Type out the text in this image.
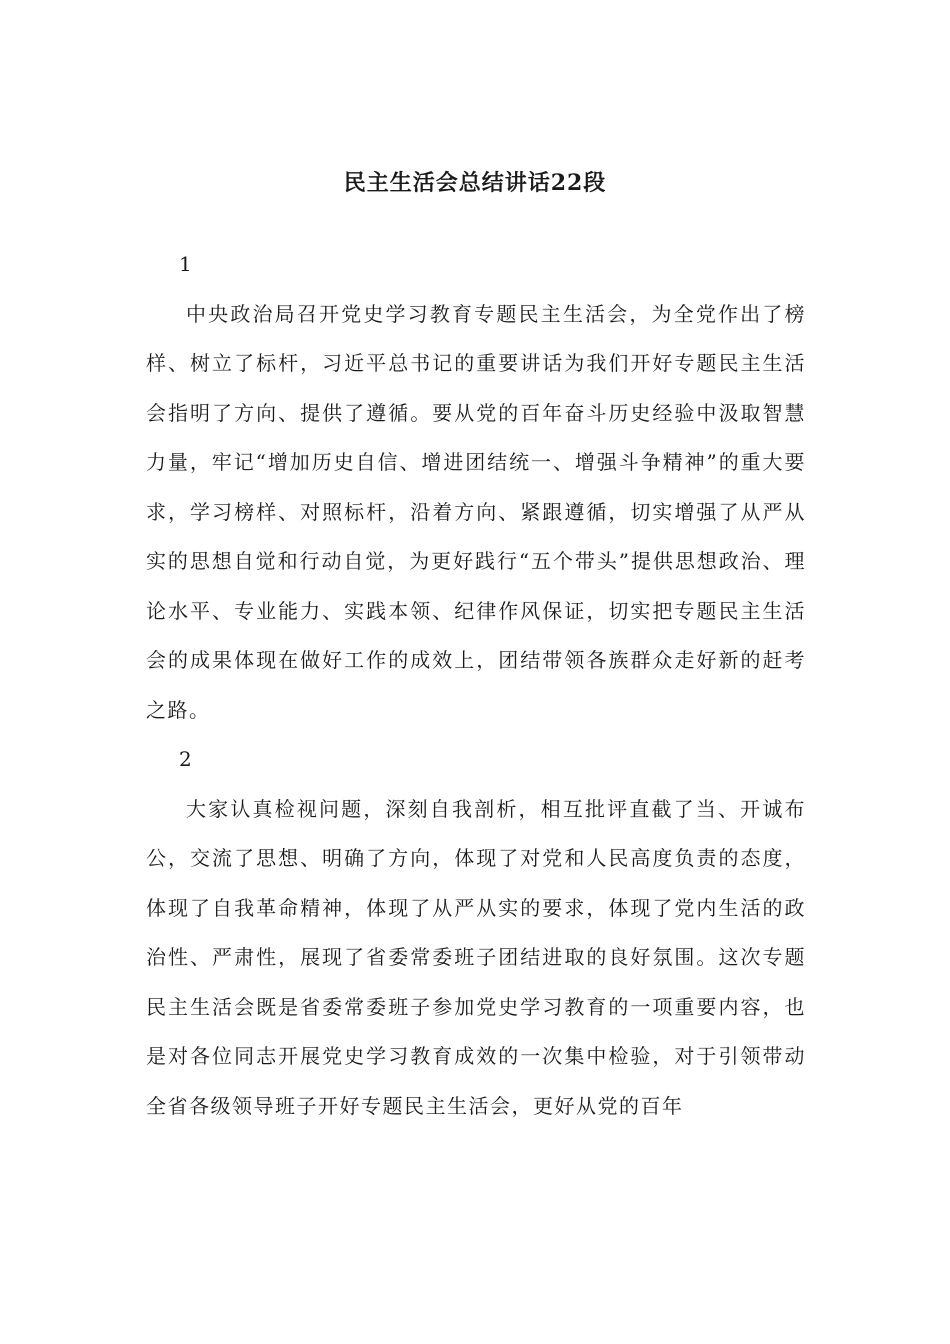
民主生活会总结讲话22段

1

中央政治局召开党史学习教育专题民主生活会，为全党作出了榜样、树立了标杆，习近平总书记的重要讲话为我们开好专题民主生活会指明了方向、提供了遵循。要从党的百年奋斗历史经验中汲取智慧力量，牢记“增加历史自信、增进团结统一、增强斗争精神”的重大要求，学习榜样、对照标杆，沿着方向、紧跟遵循，切实增强了从严从实的思想自觉和行动自觉，为更好践行“五个带头”提供思想政治、理论水平、专业能力、实践本领、纪律作风保证，切实把专题民主生活会的成果体现在做好工作的成效上，团结带领各族群众走好新的赶考之路。

2

大家认真检视问题，深刻自我剖析，相互批评直截了当、开诚布公，交流了思想、明确了方向，体现了对党和人民高度负责的态度，体现了自我革命精神，体现了从严从实的要求，体现了党内生活的政治性、严肃性，展现了省委常委班子团结进取的良好氛围。这次专题民主生活会既是省委常委班子参加党史学习教育的一项重要内容，也是对各位同志开展党史学习教育成效的一次集中检验，对于引领带动全省各级领导班子开好专题民主生活会，更好从党的百年
